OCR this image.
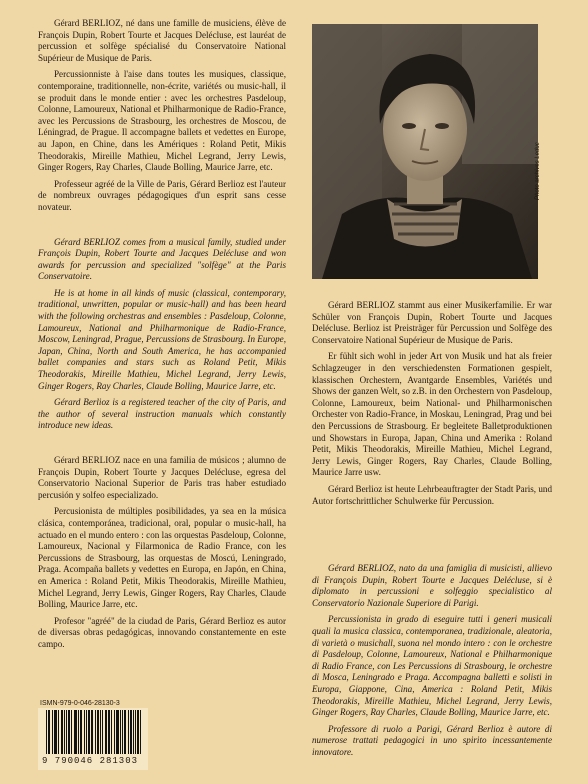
Gérard BERLIOZ, né dans une famille de musiciens, élève de François Dupin, Robert Tourte et Jacques Delécluse, est lauréat de percussion et solfège spécialisé du Conservatoire National Supérieur de Musique de Paris.

Percussionniste à l'aise dans toutes les musiques, classique, contemporaine, traditionnelle, non-écrite, variétés ou music-hall, il se produit dans le monde entier : avec les orchestres Pasdeloup, Colonne, Lamoureux, National et Philharmonique de Radio-France, avec les Percussions de Strasbourg, les orchestres de Moscou, de Léningrad, de Prague. Il accompagne ballets et vedettes en Europe, au Japon, en Chine, dans les Amériques : Roland Petit, Mikis Theodorakis, Mireille Mathieu, Michel Legrand, Jerry Lewis, Ginger Rogers, Ray Charles, Claude Bolling, Maurice Jarre, etc.

Professeur agréé de la Ville de Paris, Gérard Berlioz est l'auteur de nombreux ouvrages pédagogiques d'un esprit sans cesse novateur.

Gérard BERLIOZ comes from a musical family, studied under François Dupin, Robert Tourte and Jacques Delécluse and won awards for percussion and specialized "solfège" at the Paris Conservatoire.

He is at home in all kinds of music (classical, contemporary, traditional, unwritten, popular or music-hall) and has been heard with the following orchestras and ensembles : Pasdeloup, Colonne, Lamoureux, National and Philharmonique de Radio-France, Moscow, Leningrad, Prague, Percussions de Strasbourg. In Europe, Japan, China, North and South America, he has accompanied ballet companies and stars such as Roland Petit, Mikis Theodorakis, Mireille Mathieu, Michel Legrand, Jerry Lewis, Ginger Rogers, Ray Charles, Claude Bolling, Maurice Jarre, etc.

Gérard Berlioz is a registered teacher of the city of Paris, and the author of several instruction manuals which constantly introduce new ideas.

Gérard BERLIOZ nace en una familia de músicos ; alumno de François Dupin, Robert Tourte y Jacques Delécluse, egresa del Conservatorio Nacional Superior de Paris tras haber estudiado percusión y solfeo especializado.

Percusionista de múltiples posibilidades, ya sea en la música clásica, contemporánea, tradicional, oral, popular o music-hall, ha actuado en el mundo entero : con las orquestas Pasdeloup, Colonne, Lamoureux, Nacional y Filarmonica de Radio France, con les Percussions de Strasbourg, las orquestas de Moscú, Leningrado, Praga. Acompaña ballets y vedettes en Europa, en Japón, en China, en America : Roland Petit, Mikis Theodorakis, Mireille Mathieu, Michel Legrand, Jerry Lewis, Ginger Rogers, Ray Charles, Claude Bolling, Maurice Jarre, etc.

Profesor "agréé" de la ciudad de Paris, Gérard Berlioz es autor de diversas obras pedagógicas, innovando constantemente en este campo.

Photo archives Leduc

Gérard BERLIOZ stammt aus einer Musikerfamilie. Er war Schüler von François Dupin, Robert Tourte und Jacques Delécluse. Berlioz ist Preisträger für Percussion und Solfège des Conservatoire National Supérieur de Musique de Paris.

Er fühlt sich wohl in jeder Art von Musik und hat als freier Schlagzeuger in den verschiedensten Formationen gespielt, klassischen Orchestern, Avantgarde Ensembles, Variétés und Shows der ganzen Welt, so z.B. in den Orchestern von Pasdeloup, Colonne, Lamoureux, beim National- und Philharmonischen Orchester von Radio-France, in Moskau, Leningrad, Prag und bei den Percussions de Strasbourg. Er begleitete Balletproduktionen und Showstars in Europa, Japan, China und Amerika : Roland Petit, Mikis Theodorakis, Mireille Mathieu, Michel Legrand, Jerry Lewis, Ginger Rogers, Ray Charles, Claude Bolling, Maurice Jarre usw.

Gérard Berlioz ist heute Lehrbeauftragter der Stadt Paris, und Autor fortschrittlicher Schulwerke für Percussion.

Gérard BERLIOZ, nato da una famiglia di musicisti, allievo di François Dupin, Robert Tourte e Jacques Delécluse, si è diplomato in percussioni e solfeggio specialistico al Conservatorio Nazionale Superiore di Parigi.

Percussionista in grado di eseguire tutti i generi musicali quali la musica classica, contemporanea, tradizionale, aleatoria, di varietà o musichall, suona nel mondo intero : con le orchestre di Pasdeloup, Colonne, Lamoureux, National e Philharmonique di Radio France, con Les Percussions di Strasbourg, le orchestre di Mosca, Leningrado e Praga. Accompagna balletti e solisti in Europa, Giappone, Cina, America : Roland Petit, Mikis Theodorakis, Mireille Mathieu, Michel Legrand, Jerry Lewis, Ginger Rogers, Ray Charles, Claude Bolling, Maurice Jarre, etc.

Professore di ruolo a Parigi, Gérard Berlioz è autore di numerose trattati pedagogici in uno spirito incessantemente innovatore.

ISMN-979-0-046-28130-3
9 790046 281303
